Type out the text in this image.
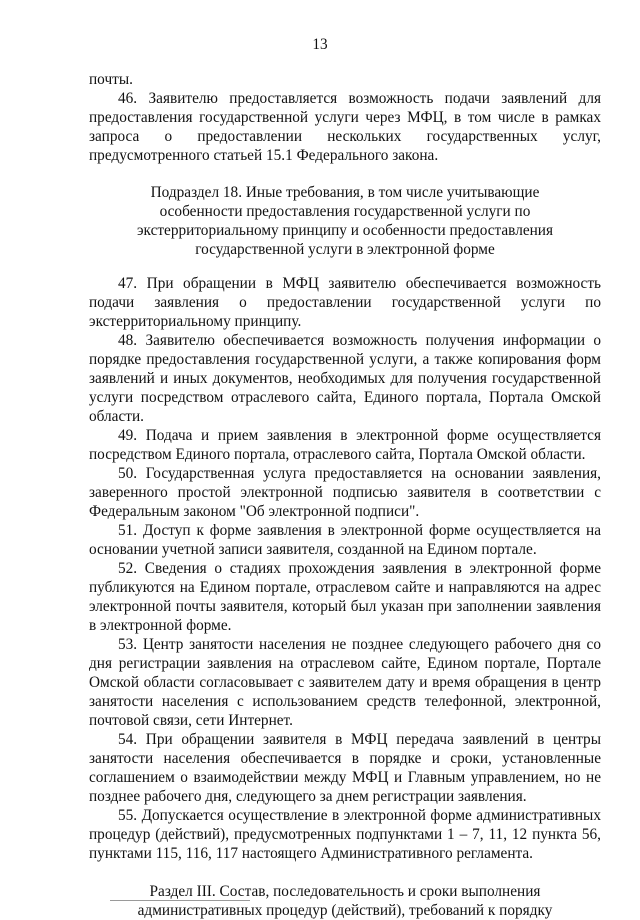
13

почты.

46. Заявителю предоставляется возможность подачи заявлений для предоставления государственной услуги через МФЦ, в том числе в рамках запроса о предоставлении нескольких государственных услуг, предусмотренного статьей 15.1 Федерального закона.

Подраздел 18. Иные требования, в том числе учитывающие
особенности предоставления государственной услуги по
экстерриториальному принципу и особенности предоставления
государственной услуги в электронной форме

47. При обращении в МФЦ заявителю обеспечивается возможность подачи заявления о предоставлении государственной услуги по экстерриториальному принципу.

48. Заявителю обеспечивается возможность получения информации о порядке предоставления государственной услуги, а также копирования форм заявлений и иных документов, необходимых для получения государственной услуги посредством отраслевого сайта, Единого портала, Портала Омской области.

49. Подача и прием заявления в электронной форме осуществляется посредством Единого портала, отраслевого сайта, Портала Омской области.

50. Государственная услуга предоставляется на основании заявления, заверенного простой электронной подписью заявителя в соответствии с Федеральным законом "Об электронной подписи".

51. Доступ к форме заявления в электронной форме осуществляется на основании учетной записи заявителя, созданной на Едином портале.

52. Сведения о стадиях прохождения заявления в электронной форме публикуются на Едином портале, отраслевом сайте и направляются на адрес электронной почты заявителя, который был указан при заполнении заявления в электронной форме.

53. Центр занятости населения не позднее следующего рабочего дня со дня регистрации заявления на отраслевом сайте, Едином портале, Портале Омской области согласовывает с заявителем дату и время обращения в центр занятости населения с использованием средств телефонной, электронной, почтовой связи, сети Интернет.

54. При обращении заявителя в МФЦ передача заявлений в центры занятости населения обеспечивается в порядке и сроки, установленные соглашением о взаимодействии между МФЦ и Главным управлением, но не позднее рабочего дня, следующего за днем регистрации заявления.

55. Допускается осуществление в электронной форме административных процедур (действий), предусмотренных подпунктами 1 – 7, 11, 12 пункта 56, пунктами 115, 116, 117 настоящего Административного регламента.

Раздел III. Состав, последовательность и сроки выполнения
административных процедур (действий), требований к порядку
